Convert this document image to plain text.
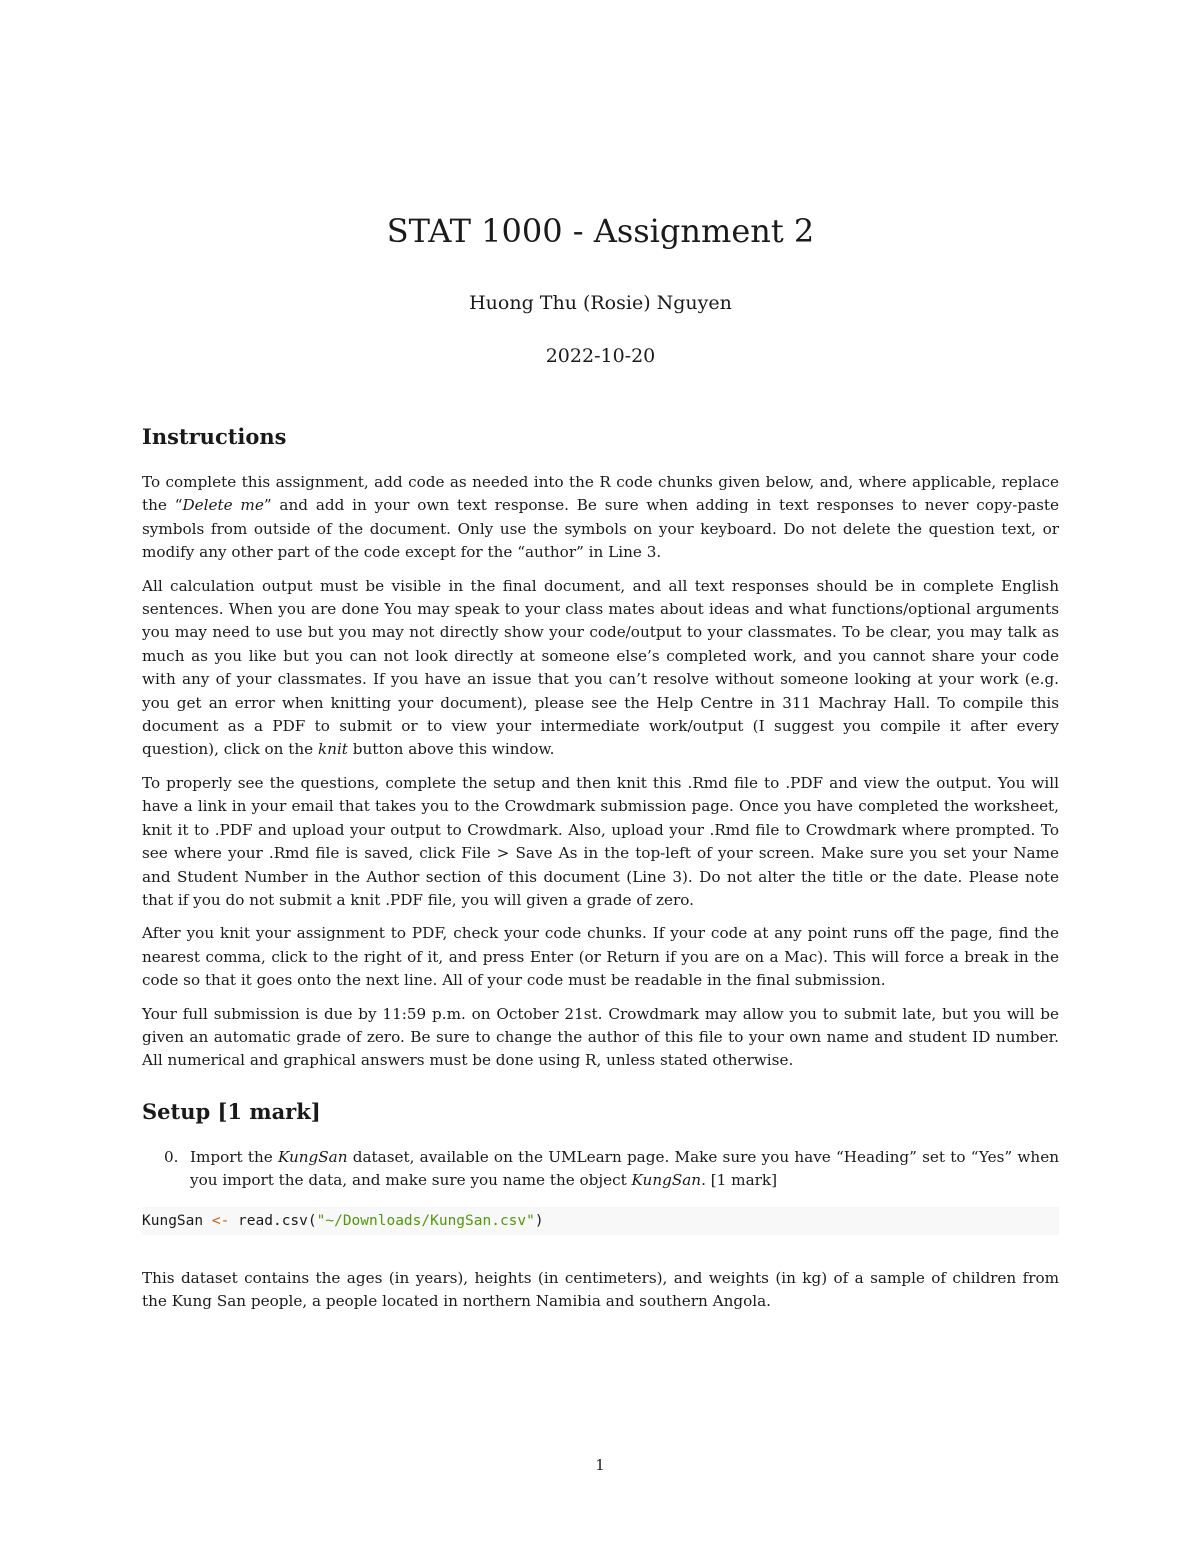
STAT 1000 - Assignment 2
Huong Thu (Rosie) Nguyen
2022-10-20
Instructions

To complete this assignment, add code as needed into the R code chunks given below, and, where applicable, replace the “Delete me” and add in your own text response. Be sure when adding in text responses to never copy-paste symbols from outside of the document. Only use the symbols on your keyboard. Do not delete the question text, or modify any other part of the code except for the “author” in Line 3.

All calculation output must be visible in the final document, and all text responses should be in complete English sentences. When you are done You may speak to your class mates about ideas and what functions/optional arguments you may need to use but you may not directly show your code/output to your classmates. To be clear, you may talk as much as you like but you can not look directly at someone else’s completed work, and you cannot share your code with any of your classmates. If you have an issue that you can’t resolve without someone looking at your work (e.g. you get an error when knitting your document), please see the Help Centre in 311 Machray Hall. To compile this document as a PDF to submit or to view your intermediate work/output (I suggest you compile it after every question), click on the knit button above this window.

To properly see the questions, complete the setup and then knit this .Rmd file to .PDF and view the output. You will have a link in your email that takes you to the Crowdmark submission page. Once you have completed the worksheet, knit it to .PDF and upload your output to Crowdmark. Also, upload your .Rmd file to Crowdmark where prompted. To see where your .Rmd file is saved, click File > Save As in the top-left of your screen. Make sure you set your Name and Student Number in the Author section of this document (Line 3). Do not alter the title or the date. Please note that if you do not submit a knit .PDF file, you will given a grade of zero.

After you knit your assignment to PDF, check your code chunks. If your code at any point runs off the page, find the nearest comma, click to the right of it, and press Enter (or Return if you are on a Mac). This will force a break in the code so that it goes onto the next line. All of your code must be readable in the final submission.

Your full submission is due by 11:59 p.m. on October 21st. Crowdmark may allow you to submit late, but you will be given an automatic grade of zero. Be sure to change the author of this file to your own name and student ID number. All numerical and graphical answers must be done using R, unless stated otherwise.

Setup [1 mark]
0. Import the KungSan dataset, available on the UMLearn page. Make sure you have “Heading” set to “Yes” when you import the data, and make sure you name the object KungSan. [1 mark]
KungSan <- read.csv("~/Downloads/KungSan.csv")

This dataset contains the ages (in years), heights (in centimeters), and weights (in kg) of a sample of children from the Kung San people, a people located in northern Namibia and southern Angola.

1
